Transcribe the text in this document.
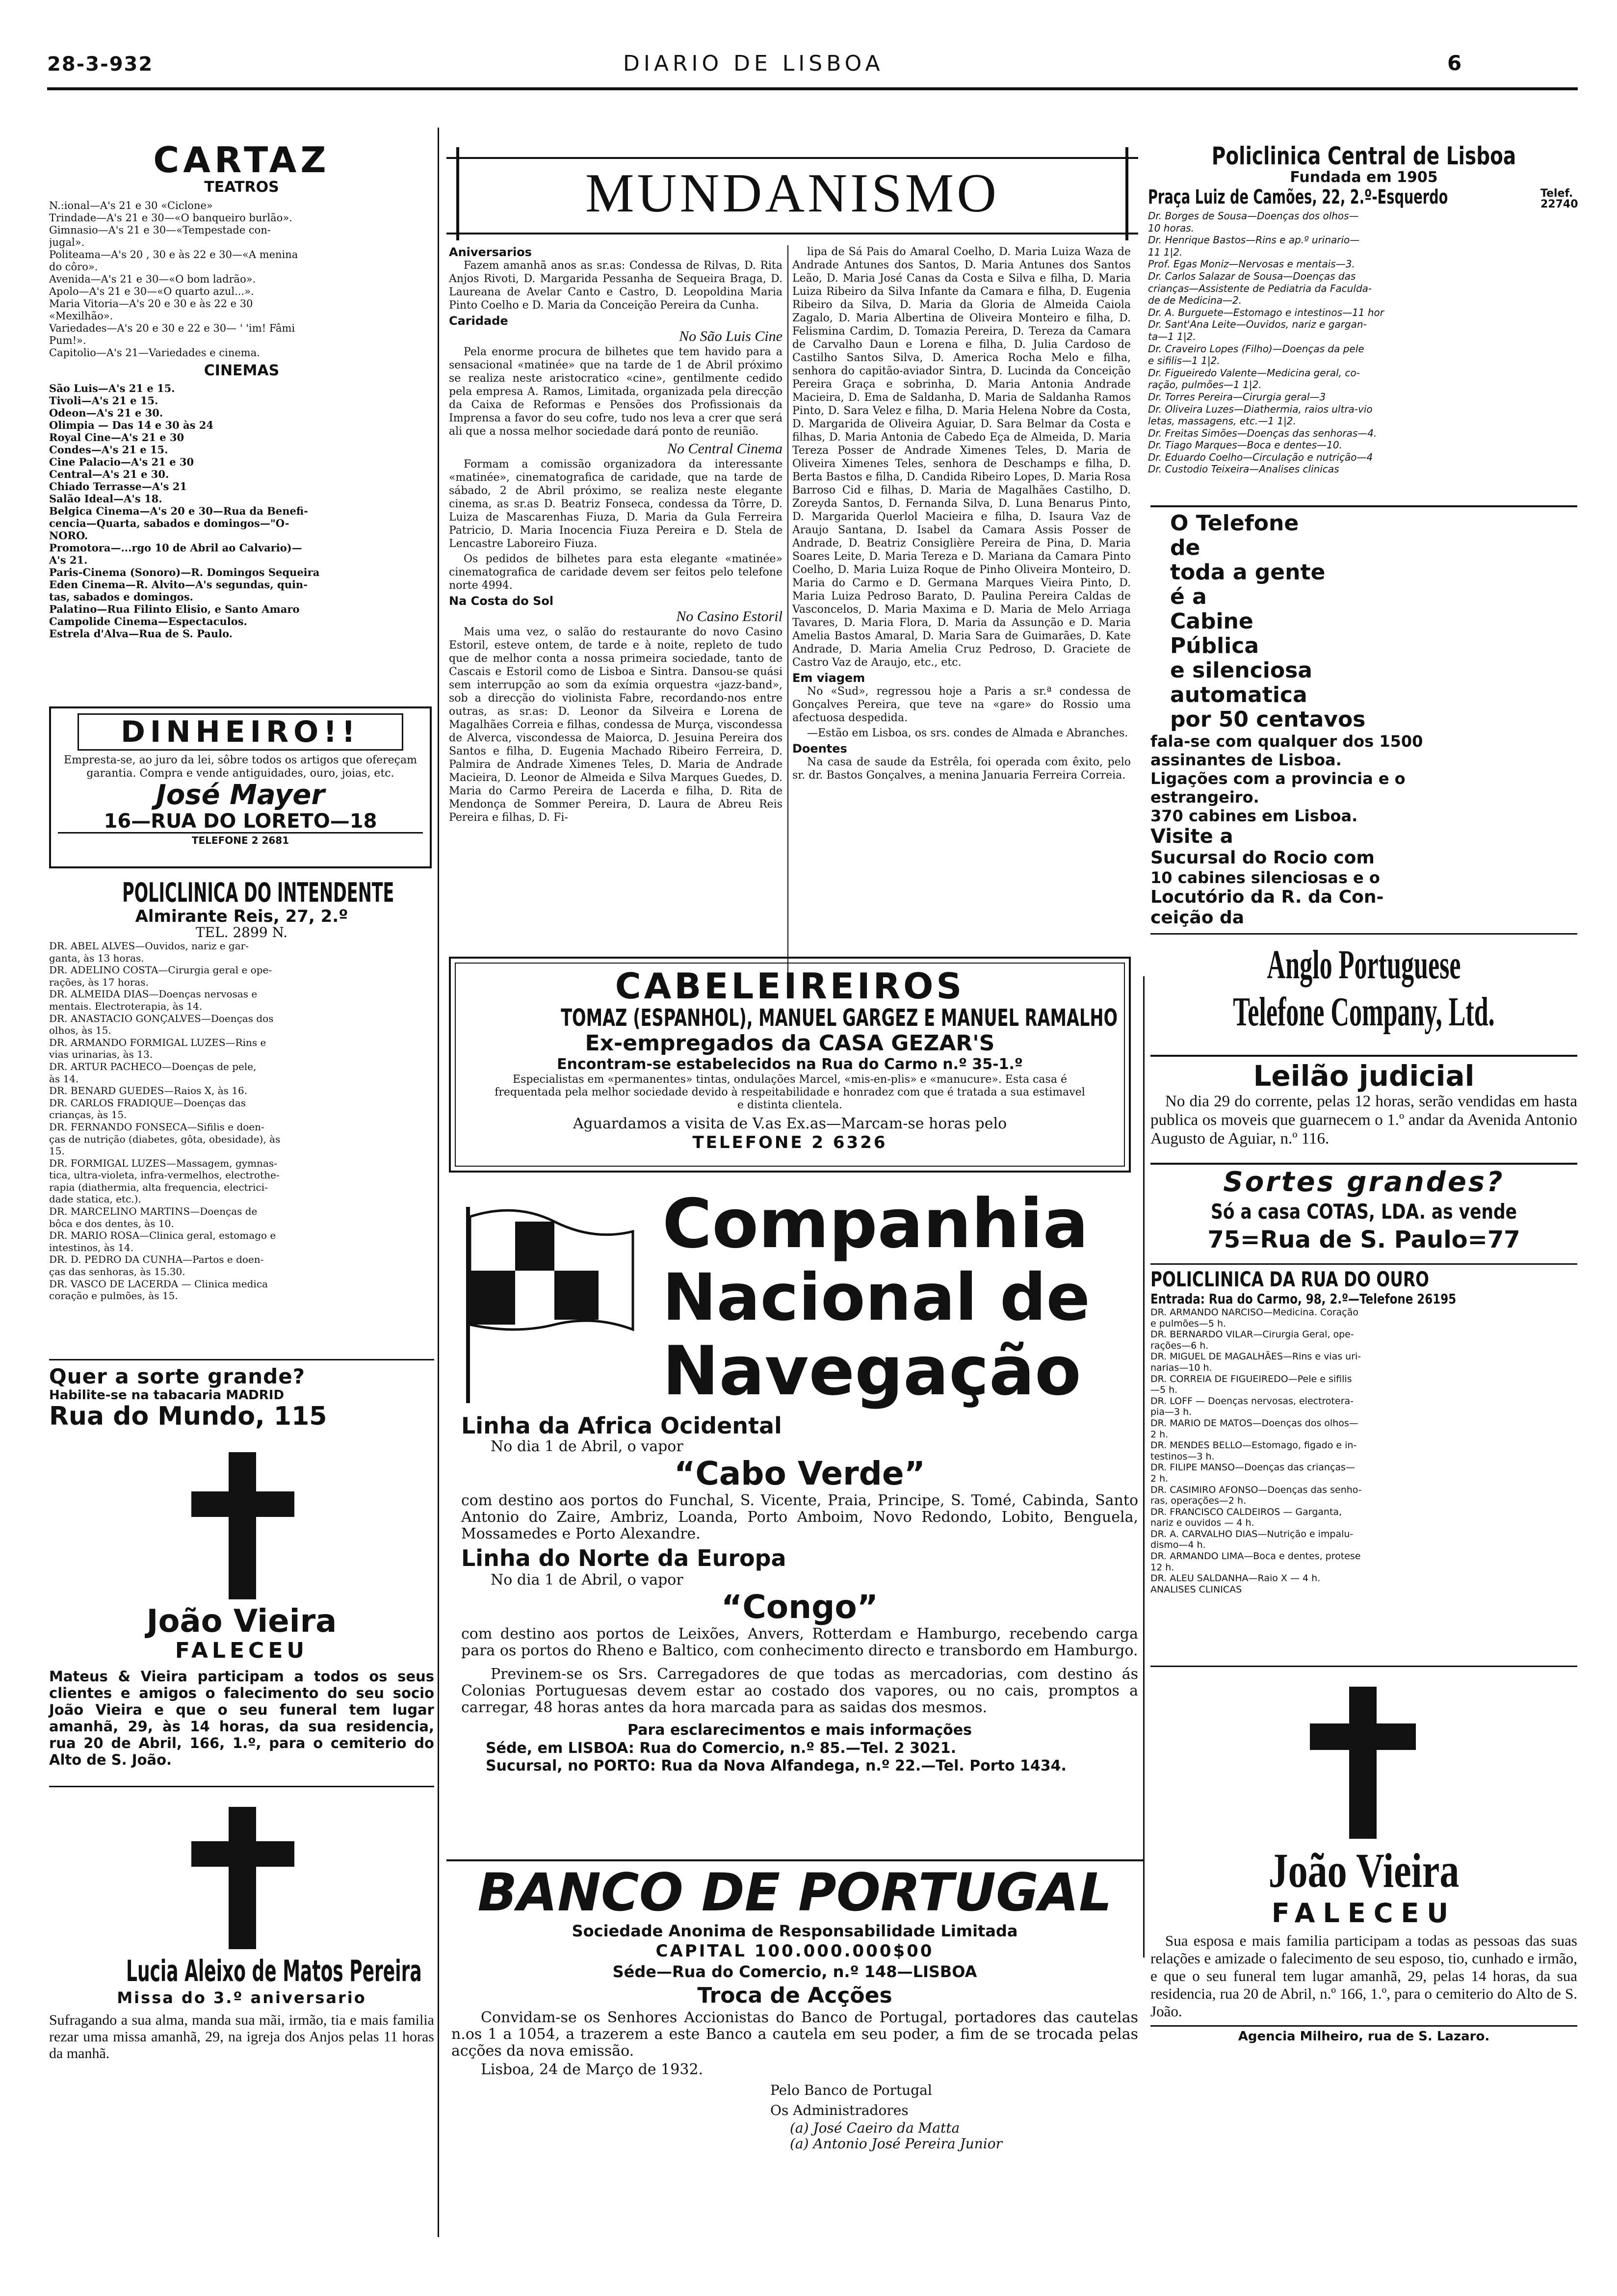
28-3-932	DIARIO DE LISBOA	6
CARTAZ
TEATROS
N.:ional—A's 21 e 30 «Ciclone»
Trindade—A's 21 e 30—«O banqueiro burlão».
Gimnasio—A's 21 e 30—«Tempestade con-
jugal».
Politeama—A's 20 , 30 e às 22 e 30—«A menina
do côro».
Avenida—A's 21 e 30—«O bom ladrão».
Apolo—A's 21 e 30—«O quarto azul...».
Maria Vitoria—A's 20 e 30 e às 22 e 30
«Mexilhão».
Variedades—A's 20 e 30 e 22 e 30— ' 'im! Fâmi
Pum!».
Capitolio—A's 21—Variedades e cinema.
CINEMAS
São Luis—A's 21 e 15.
Tivoli—A's 21 e 15.
Odeon—A's 21 e 30.
Olimpia — Das 14 e 30 às 24
Royal Cine—A's 21 e 30
Condes—A's 21 e 15.
Cine Palacio—A's 21 e 30
Central—A's 21 e 30.
Chiado Terrasse—A's 21
Salão Ideal—A's 18.
Belgica Cinema—A's 20 e 30—Rua da Benefi-
cencia—Quarta, sabados e domingos—"O-
NORO.
Promotora—...rgo 10 de Abril ao Calvario)—
A's 21.
Paris-Cinema (Sonoro)—R. Domingos Sequeira
Eden Cinema—R. Alvito—A's segundas, quin-
tas, sabados e domingos.
Palatino—Rua Filinto Elisio, e Santo Amaro
Campolide Cinema—Espectaculos.
Estrela d'Alva—Rua de S. Paulo.
DINHEIRO!!
Empresta-se, ao juro da lei, sôbre todos os artigos que ofereçam garantia. Compra e vende antiguidades, ouro, joias, etc.
José Mayer
16—RUA DO LORETO—18
TELEFONE 2 2681
POLICLINICA DO INTENDENTE
Almirante Reis, 27, 2.º
TEL. 2899 N.
DR. ABEL ALVES—Ouvidos, nariz e gar-
ganta, às 13 horas.
DR. ADELINO COSTA—Cirurgia geral e ope-
rações, às 17 horas.
DR. ALMEIDA DIAS—Doenças nervosas e
mentais. Electroterapia, às 14.
DR. ANASTACIO GONÇALVES—Doenças dos
olhos, às 15.
DR. ARMANDO FORMIGAL LUZES—Rins e
vias urinarias, às 13.
DR. ARTUR PACHECO—Doenças de pele,
às 14.
DR. BENARD GUEDES—Raios X, às 16.
DR. CARLOS FRADIQUE—Doenças das
crianças, às 15.
DR. FERNANDO FONSECA—Sifilis e doen-
ças de nutrição (diabetes, gôta, obesidade), às
15.
DR. FORMIGAL LUZES—Massagem, gymnas-
tica, ultra-violeta, infra-vermelhos, electrothe-
rapia (diathermia, alta frequencia, electrici-
dade statica, etc.).
DR. MARCELINO MARTINS—Doenças de
bôca e dos dentes, às 10.
DR. MARIO ROSA—Clinica geral, estomago e
intestinos, às 14.
DR. D. PEDRO DA CUNHA—Partos e doen-
ças das senhoras, às 15.30.
DR. VASCO DE LACERDA — Clinica medica
coração e pulmões, às 15.
Quer a sorte grande?
Habilite-se na tabacaria MADRID
Rua do Mundo, 115
João Vieira
FALECEU
Mateus & Vieira participam a todos os seus clientes e amigos o falecimento do seu socio João Vieira e que o seu funeral tem lugar amanhã, 29, às 14 horas, da sua residencia, rua 20 de Abril, 166, 1.º, para o cemiterio do Alto de S. João.
Lucia Aleixo de Matos Pereira
Missa do 3.º aniversario
Sufragando a sua alma, manda sua mãi, irmão, tia e mais familia rezar uma missa amanhã, 29, na igreja dos Anjos pelas 11 horas da manhã.
MUNDANISMO
Aniversarios
Fazem amanhã anos as sr.as: Condessa de Rilvas, D. Rita Anjos Rivoti, D. Margarida Pessanha de Sequeira Braga, D. Laureana de Avelar Canto e Castro, D. Leopoldina Maria Pinto Coelho e D. Maria da Conceição Pereira da Cunha.
Caridade
No São Luis Cine
Pela enorme procura de bilhetes que tem havido para a sensacional «matinée» que na tarde de 1 de Abril próximo se realiza neste aristocratico «cine», gentilmente cedido pela empresa A. Ramos, Limitada, organizada pela direcção da Caixa de Reformas e Pensões dos Profissionais da Imprensa a favor do seu cofre, tudo nos leva a crer que será ali que a nossa melhor sociedade dará ponto de reunião.
No Central Cinema
Formam a comissão organizadora da interessante «matinée», cinematografica de caridade, que na tarde de sábado, 2 de Abril próximo, se realiza neste elegante cinema, as sr.as D. Beatriz Fonseca, condessa da Tôrre, D. Luiza de Mascarenhas Fiuza, D. Maria da Gula Ferreira Patricio, D. Maria Inocencia Fiuza Pereira e D. Stela de Lencastre Laboreiro Fiuza.
Os pedidos de bilhetes para esta elegante «matinée» cinematografica de caridade devem ser feitos pelo telefone norte 4994.
Na Costa do Sol
No Casino Estoril
Mais uma vez, o salão do restaurante do novo Casino Estoril, esteve ontem, de tarde e à noite, repleto de tudo que de melhor conta a nossa primeira sociedade, tanto de Cascais e Estoril como de Lisboa e Sintra. Dansou-se quási sem interrupção ao som da exímia orquestra «jazz-band», sob a direcção do violinista Fabre, recordando-nos entre outras, as sr.as: D. Leonor da Silveira e Lorena de Magalhães Correia e filhas, condessa de Murça, viscondessa de Alverca, viscondessa de Maiorca, D. Jesuina Pereira dos Santos e filha, D. Eugenia Machado Ribeiro Ferreira, D. Palmira de Andrade Ximenes Teles, D. Maria de Andrade Macieira, D. Leonor de Almeida e Silva Marques Guedes, D. Maria do Carmo Pereira de Lacerda e filha, D. Rita de Mendonça de Sommer Pereira, D. Laura de Abreu Reis Pereira e filhas, D. Fi-
lipa de Sá Pais do Amaral Coelho, D. Maria Luiza Waza de Andrade Antunes dos Santos, D. Maria Antunes dos Santos Leão, D. Maria José Canas da Costa e Silva e filha, D. Maria Luiza Ribeiro da Silva Infante da Camara e filha, D. Eugenia Ribeiro da Silva, D. Maria da Gloria de Almeida Caiola Zagalo, D. Maria Albertina de Oliveira Monteiro e filha, D. Felismina Cardim, D. Tomazia Pereira, D. Tereza da Camara de Carvalho Daun e Lorena e filha, D. Julia Cardoso de Castilho Santos Silva, D. America Rocha Melo e filha, senhora do capitão-aviador Sintra, D. Lucinda da Conceição Pereira Graça e sobrinha, D. Maria Antonia Andrade Macieira, D. Ema de Saldanha, D. Maria de Saldanha Ramos Pinto, D. Sara Velez e filha, D. Maria Helena Nobre da Costa, D. Margarida de Oliveira Aguiar, D. Sara Belmar da Costa e filhas, D. Maria Antonia de Cabedo Eça de Almeida, D. Maria Tereza Posser de Andrade Ximenes Teles, D. Maria de Oliveira Ximenes Teles, senhora de Deschamps e filha, D. Berta Bastos e filha, D. Candida Ribeiro Lopes, D. Maria Rosa Barroso Cid e filhas, D. Maria de Magalhães Castilho, D. Zoreyda Santos, D. Fernanda Silva, D. Luna Benarus Pinto, D. Margarida Querlol Macieira e filha, D. Isaura Vaz de Araujo Santana, D. Isabel da Camara Assis Posser de Andrade, D. Beatriz Consiglière Pereira de Pina, D. Maria Soares Leite, D. Maria Tereza e D. Mariana da Camara Pinto Coelho, D. Maria Luiza Roque de Pinho Oliveira Monteiro, D. Maria do Carmo e D. Germana Marques Vieira Pinto, D. Maria Luiza Pedroso Barato, D. Paulina Pereira Caldas de Vasconcelos, D. Maria Maxima e D. Maria de Melo Arriaga Tavares, D. Maria Flora, D. Maria da Assunção e D. Maria Amelia Bastos Amaral, D. Maria Sara de Guimarães, D. Kate Andrade, D. Maria Amelia Cruz Pedroso, D. Graciete de Castro Vaz de Araujo, etc., etc.
Em viagem
No «Sud», regressou hoje a Paris a sr.ª condessa de Gonçalves Pereira, que teve na «gare» do Rossio uma afectuosa despedida.
—Estão em Lisboa, os srs. condes de Almada e Abranches.
Doentes
Na casa de saude da Estrêla, foi operada com êxito, pelo sr. dr. Bastos Gonçalves, a menina Januaria Ferreira Correia.
CABELEIREIROS
TOMAZ (ESPANHOL), MANUEL GARGEZ E MANUEL RAMALHO
Ex-empregados da CASA GEZAR'S
Encontram-se estabelecidos na Rua do Carmo n.º 35-1.º
Especialistas em «permanentes» tintas, ondulações Marcel, «mis-en-plis» e «manucure». Esta casa é frequentada pela melhor sociedade devido à respeitabilidade e honradez com que é tratada a sua estimavel e distinta clientela.
Aguardamos a visita de V.as Ex.as—Marcam-se horas pelo
TELEFONE 2 6326
Companhia
Nacional de
Navegação
Linha da Africa Ocidental
No dia 1 de Abril, o vapor
“Cabo Verde”
com destino aos portos do Funchal, S. Vicente, Praia, Principe, S. Tomé, Cabinda, Santo Antonio do Zaire, Ambriz, Loanda, Porto Amboim, Novo Redondo, Lobito, Benguela, Mossamedes e Porto Alexandre.
Linha do Norte da Europa
No dia 1 de Abril, o vapor
“Congo”
com destino aos portos de Leixões, Anvers, Rotterdam e Hamburgo, recebendo carga para os portos do Rheno e Baltico, com conhecimento directo e transbordo em Hamburgo.
Previnem-se os Srs. Carregadores de que todas as mercadorias, com destino ás Colonias Portuguesas devem estar ao costado dos vapores, ou no cais, promptos a carregar, 48 horas antes da hora marcada para as saidas dos mesmos.
Para esclarecimentos e mais informações
Séde, em LISBOA: Rua do Comercio, n.º 85.—Tel. 2 3021.
Sucursal, no PORTO: Rua da Nova Alfandega, n.º 22.—Tel. Porto 1434.
BANCO DE PORTUGAL
Sociedade Anonima de Responsabilidade Limitada
CAPITAL 100.000.000$00
Séde—Rua do Comercio, n.º 148—LISBOA
Troca de Acções
Convidam-se os Senhores Accionistas do Banco de Portugal, portadores das cautelas n.os 1 a 1054, a trazerem a este Banco a cautela em seu poder, a fim de se trocada pelas acções da nova emissão.
Lisboa, 24 de Março de 1932.
Pelo Banco de Portugal
Os Administradores
(a) José Caeiro da Matta
(a) Antonio José Pereira Junior
Policlinica Central de Lisboa
Fundada em 1905
Praça Luiz de Camões, 22, 2.º-Esquerdo	Telef. 22740
Dr. Borges de Sousa—Doenças dos olhos—
10 horas.
Dr. Henrique Bastos—Rins e ap.º urinario—
11 1|2.
Prof. Egas Moniz—Nervosas e mentais—3.
Dr. Carlos Salazar de Sousa—Doenças das
crianças—Assistente de Pediatria da Faculda-
de de Medicina—2.
Dr. A. Burguete—Estomago e intestinos—11 hor
Dr. Sant'Ana Leite—Ouvidos, nariz e gargan-
ta—1 1|2.
Dr. Craveiro Lopes (Filho)—Doenças da pele
e sifilis—1 1|2.
Dr. Figueiredo Valente—Medicina geral, co-
ração, pulmões—1 1|2.
Dr. Torres Pereira—Cirurgia geral—3
Dr. Oliveira Luzes—Diathermia, raios ultra-vio
letas, massagens, etc.—1 1|2.
Dr. Freitas Simões—Doenças das senhoras—4.
Dr. Tiago Marques—Boca e dentes—10.
Dr. Eduardo Coelho—Circulação e nutrição—4
Dr. Custodio Teixeira—Analises clinicas
O Telefone
de
toda a gente
é a
Cabine
Pública
e silenciosa
automatica
por 50 centavos
fala-se com qualquer dos 1500
assinantes de Lisboa.
Ligações com a provincia e o
estrangeiro.
370 cabines em Lisboa.
Visite a
Sucursal do Rocio com
10 cabines silenciosas e o
Locutório da R. da Con-
ceição da
Anglo Portuguese Telefone Company, Ltd.
Leilão judicial
No dia 29 do corrente, pelas 12 horas, serão vendidas em hasta publica os moveis que guarnecem o 1.º andar da Avenida Antonio Augusto de Aguiar, n.º 116.
Sortes grandes?
Só a casa COTAS, LDA. as vende
75=Rua de S. Paulo=77
POLICLINICA DA RUA DO OURO
Entrada: Rua do Carmo, 98, 2.º—Telefone 26195
DR. ARMANDO NARCISO—Medicina. Coração
e pulmões—5 h.
DR. BERNARDO VILAR—Cirurgia Geral, ope-
rações—6 h.
DR. MIGUEL DE MAGALHÃES—Rins e vias uri-
narias—10 h.
DR. CORREIA DE FIGUEIREDO—Pele e sifilis
—5 h.
DR. LOFF — Doenças nervosas, electrotera-
pia—3 h.
DR. MARIO DE MATOS—Doenças dos olhos—
2 h.
DR. MENDES BELLO—Estomago, figado e in-
testinos—3 h.
DR. FILIPE MANSO—Doenças das crianças—
2 h.
DR. CASIMIRO AFONSO—Doenças das senho-
ras, operações—2 h.
DR. FRANCISCO CALDEIROS — Garganta,
nariz e ouvidos — 4 h.
DR. A. CARVALHO DIAS—Nutrição e impalu-
dismo—4 h.
DR. ARMANDO LIMA—Boca e dentes, protese
12 h.
DR. ALEU SALDANHA—Raio X — 4 h.
ANALISES CLINICAS
João Vieira
FALECEU
Sua esposa e mais familia participam a todas as pessoas das suas relações e amizade o falecimento de seu esposo, tio, cunhado e irmão, e que o seu funeral tem lugar amanhã, 29, pelas 14 horas, da sua residencia, rua 20 de Abril, n.º 166, 1.º, para o cemiterio do Alto de S. João.
Agencia Milheiro, rua de S. Lazaro.
